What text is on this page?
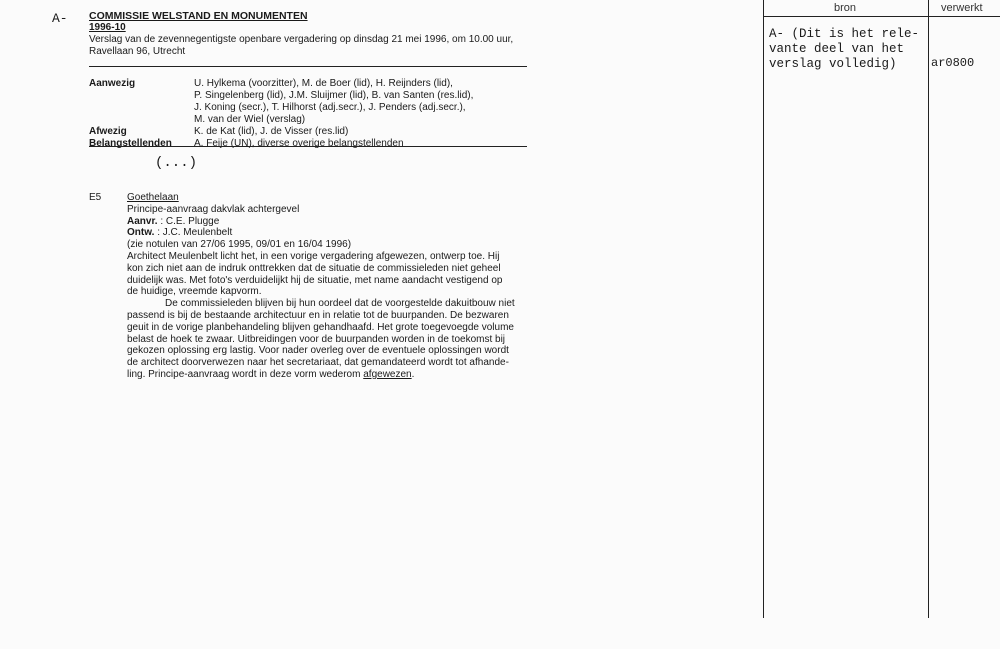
A- COMMISSIE WELSTAND EN MONUMENTEN
1996-10
Verslag van de zevennegentigste openbare vergadering op dinsdag 21 mei 1996, om 10.00 uur,
Ravellaan 96, Utrecht
Aanwezig	U. Hylkema (voorzitter), M. de Boer (lid), H. Reijnders (lid),
P. Singelenberg (lid), J.M. Sluijmer (lid), B. van Santen (res.lid),
J. Koning (secr.), T. Hilhorst (adj.secr.), J. Penders (adj.secr.),
M. van der Wiel (verslag)
Afwezig	K. de Kat (lid), J. de Visser (res.lid)
Belangstellenden	A. Feije (UN), diverse overige belangstellenden
(...)
E5	Goethelaan
Principe-aanvraag dakvlak achtergevel
Aanvr. : C.E. Plugge
Ontw. : J.C. Meulenbelt
(zie notulen van 27/06 1995, 09/01 en 16/04 1996)
Architect Meulenbelt licht het, in een vorige vergadering afgewezen, ontwerp toe. Hij
kon zich niet aan de indruk onttrekken dat de situatie de commissieleden niet geheel
duidelijk was. Met foto's verduidelijkt hij de situatie, met name aandacht vestigend op
de huidige, vreemde kapvorm.
De commissieleden blijven bij hun oordeel dat de voorgestelde dakuitbouw niet
passend is bij de bestaande architectuur en in relatie tot de buurpanden. De bezwaren
geuit in de vorige planbehandeling blijven gehandhaafd. Het grote toegevoegde volume
belast de hoek te zwaar. Uitbreidingen voor de buurpanden worden in de toekomst bij
gekozen oplossing erg lastig. Voor nader overleg over de eventuele oplossingen wordt
de architect doorverwezen naar het secretariaat, dat gemandateerd wordt tot afhande-
ling. Principe-aanvraag wordt in deze vorm wederom afgewezen.
bron	verwerkt
A- (Dit is het rele-
vante deel van het
verslag volledig)	ar0800
